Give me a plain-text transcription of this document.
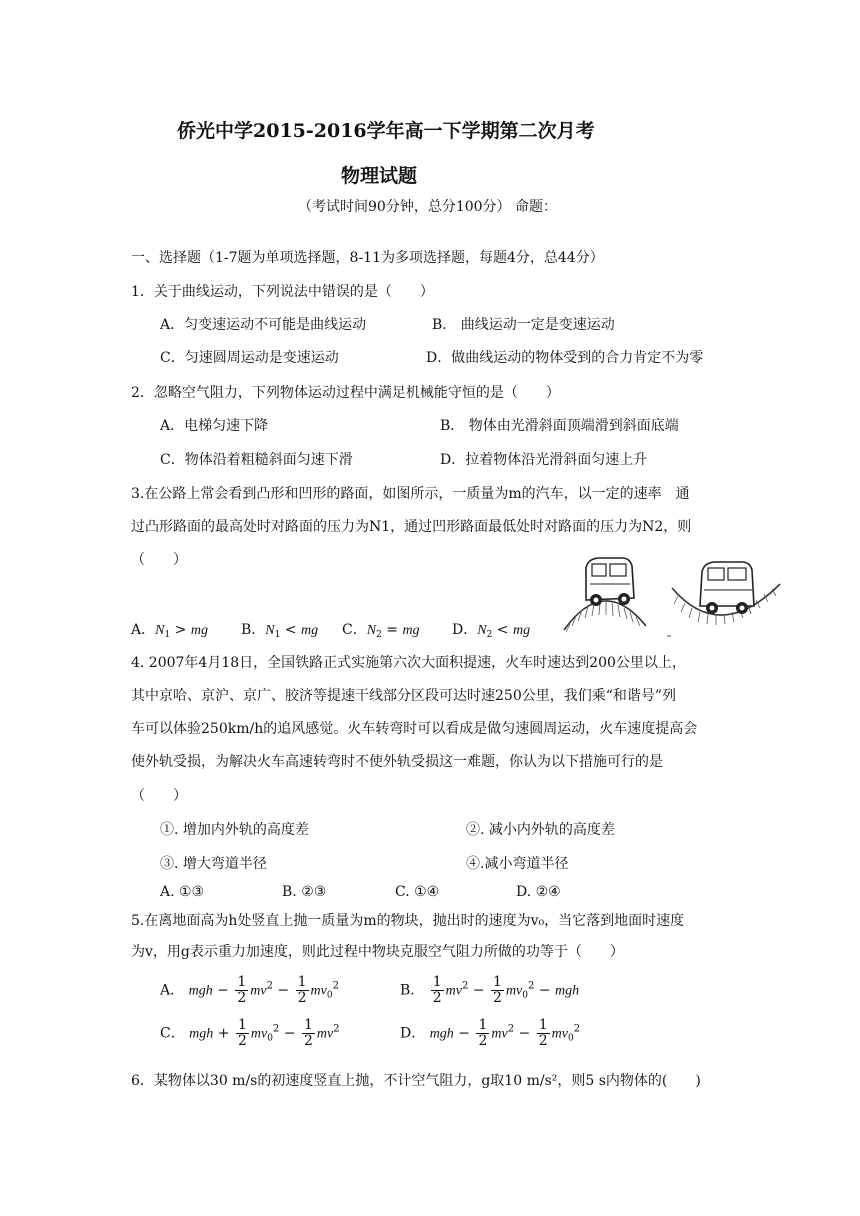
侨光中学2015-2016学年高一下学期第二次月考
物理试题
（考试时间90分钟，总分100分） 命题：
一、选择题（1-7题为单项选择题，8-11为多项选择题，每题4分，总44分）
1．关于曲线运动，下列说法中错误的是（　　）
A．匀变速运动不可能是曲线运动	B． 曲线运动一定是变速运动
C．匀速圆周运动是变速运动	D．做曲线运动的物体受到的合力肯定不为零
2．忽略空气阻力，下列物体运动过程中满足机械能守恒的是（　　）
A．电梯匀速下降	B． 物体由光滑斜面顶端滑到斜面底端
C．物体沿着粗糙斜面匀速下滑	D．拉着物体沿光滑斜面匀速上升
3.在公路上常会看到凸形和凹形的路面，如图所示，一质量为m的汽车，以一定的速率　通
过凸形路面的最高处时对路面的压力为N1，通过凹形路面最低处时对路面的压力为N2，则
（　　）
A．$N_1$ > mg B．$N_1$ < mg C．$N_2$ = mg D．$N_2$ < mg
4. 2007年4月18日，全国铁路正式实施第六次大面积提速，火车时速达到200公里以上，
其中京哈、京沪、京广、胶济等提速干线部分区段可达时速250公里，我们乘“和谐号”列
车可以体验250km/h的追风感觉。火车转弯时可以看成是做匀速圆周运动，火车速度提高会
使外轨受损，为解决火车高速转弯时不使外轨受损这一难题，你认为以下措施可行的是
（　　）
①. 增加内外轨的高度差	②. 减小内外轨的高度差
③. 增大弯道半径	④.减小弯道半径
A. ①③	B. ②③	C. ①④	D. ②④
5.在离地面高为h处竖直上抛一质量为m的物块，抛出时的速度为v₀，当它落到地面时速度
为v，用g表示重力加速度，则此过程中物块克服空气阻力所做的功等于（　　）
A． mgh − $\frac{1}{2} mv^2 - \frac{1}{2} mv_0^2$	B． $\frac{1}{2} mv^2 - \frac{1}{2} mv_0^2$ − mgh
C． mgh + $\frac{1}{2} mv_0^2 - \frac{1}{2} mv^2$	D． mgh − $\frac{1}{2} mv^2 - \frac{1}{2} mv_0^2$
6．某物体以30 m/s的初速度竖直上抛，不计空气阻力，g取10 m/s²，则5 s内物体的(　　)
